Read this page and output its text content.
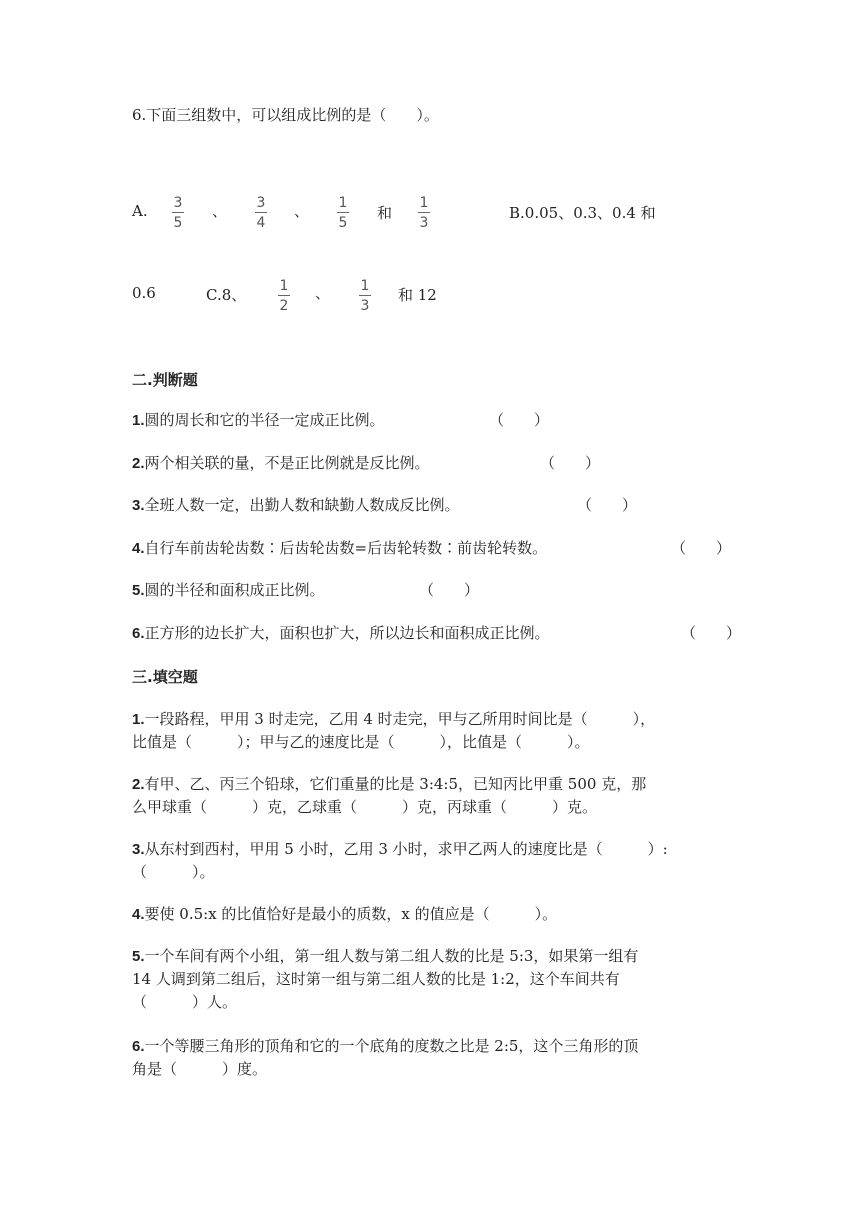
6.下面三组数中，可以组成比例的是（　　）。
A. 3
5
、 3
4
、 1
5
和
1
3
B.0.05、0.3、0.4 和
0.6	C.8、 1
2
、 1
3
和 12
二.判断题
1.圆的周长和它的半径一定成正比例。	（　　）
2.两个相关联的量，不是正比例就是反比例。	（　　）
3.全班人数一定，出勤人数和缺勤人数成反比例。	（　　）
4.自行车前齿轮齿数∶后齿轮齿数=后齿轮转数∶前齿轮转数。	（　　）
5.圆的半径和面积成正比例。	（　　）
6.正方形的边长扩大，面积也扩大，所以边长和面积成正比例。	（　　）
三.填空题
1.一段路程，甲用 3 时走完，乙用 4 时走完，甲与乙所用时间比是（　　　），
比值是（　　　）；甲与乙的速度比是（　　　），比值是（　　　）。
2.有甲、乙、丙三个铅球，它们重量的比是 3:4:5，已知丙比甲重 500 克，那
么甲球重（　　　）克，乙球重（　　　）克，丙球重（　　　）克。
3.从东村到西村，甲用 5 小时，乙用 3 小时，求甲乙两人的速度比是（　　　）:
（　　　）。
4.要使 0.5:x 的比值恰好是最小的质数，x 的值应是（　　　）。
5.一个车间有两个小组，第一组人数与第二组人数的比是 5:3，如果第一组有
14 人调到第二组后，这时第一组与第二组人数的比是 1:2，这个车间共有
（　　　）人。
6.一个等腰三角形的顶角和它的一个底角的度数之比是 2:5，这个三角形的顶
角是（　　　）度。
